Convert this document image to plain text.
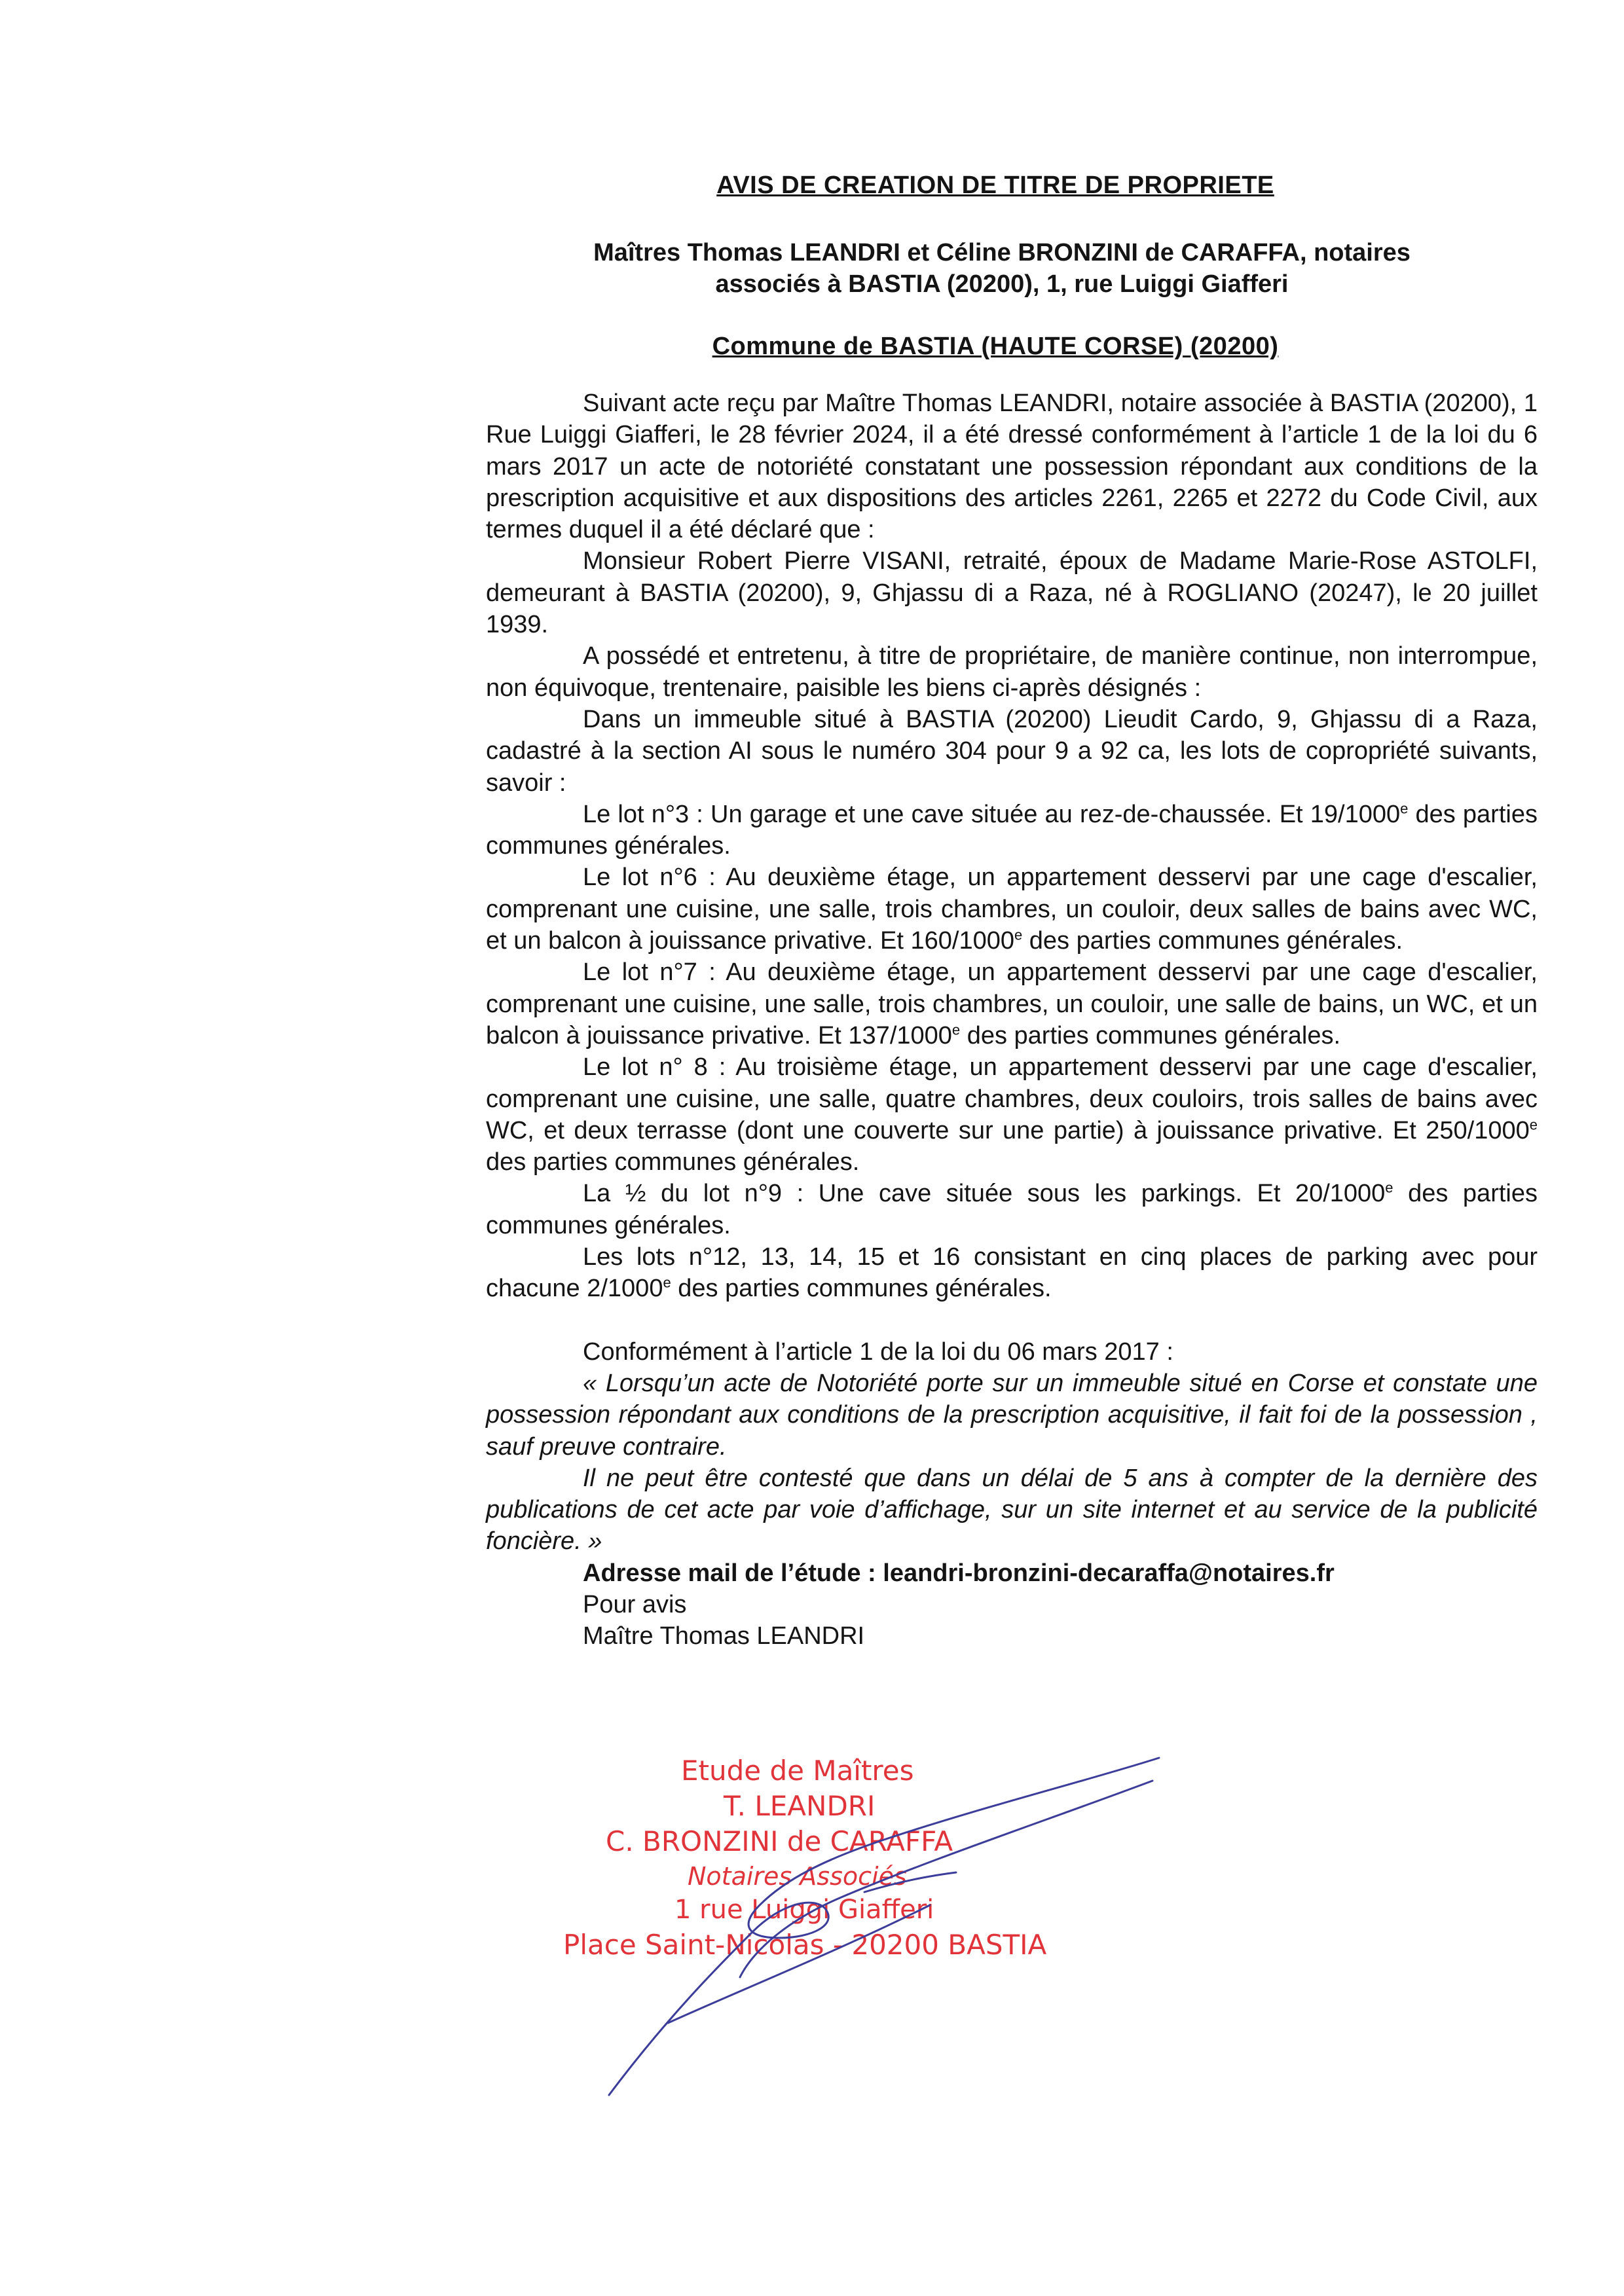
AVIS DE CREATION DE TITRE DE PROPRIETE
Maîtres Thomas LEANDRI et Céline BRONZINI de CARAFFA, notaires
associés à BASTIA (20200), 1, rue Luiggi Giafferi
Commune de BASTIA (HAUTE CORSE) (20200)

Suivant acte reçu par Maître Thomas LEANDRI, notaire associée à BASTIA (20200), 1 Rue Luiggi Giafferi, le 28 février 2024, il a été dressé conformément à l’article 1 de la loi du 6 mars 2017 un acte de notoriété constatant une possession répondant aux conditions de la prescription acquisitive et aux dispositions des articles 2261, 2265 et 2272 du Code Civil, aux termes duquel il a été déclaré que :

Monsieur Robert Pierre VISANI, retraité, époux de Madame Marie-Rose ASTOLFI, demeurant à BASTIA (20200), 9, Ghjassu di a Raza, né à ROGLIANO (20247), le 20 juillet 1939.

A possédé et entretenu, à titre de propriétaire, de manière continue, non interrompue, non équivoque, trentenaire, paisible les biens ci-après désignés :

Dans un immeuble situé à BASTIA (20200) Lieudit Cardo, 9, Ghjassu di a Raza, cadastré à la section AI sous le numéro 304 pour 9 a 92 ca, les lots de copropriété suivants, savoir :

Le lot n°3 : Un garage et une cave située au rez-de-chaussée. Et 19/1000e des parties communes générales.

Le lot n°6 : Au deuxième étage, un appartement desservi par une cage d'escalier, comprenant une cuisine, une salle, trois chambres, un couloir, deux salles de bains avec WC, et un balcon à jouissance privative. Et 160/1000e des parties communes générales.

Le lot n°7 : Au deuxième étage, un appartement desservi par une cage d'escalier, comprenant une cuisine, une salle, trois chambres, un couloir, une salle de bains, un WC, et un balcon à jouissance privative. Et 137/1000e des parties communes générales.

Le lot n° 8 : Au troisième étage, un appartement desservi par une cage d'escalier, comprenant une cuisine, une salle, quatre chambres, deux couloirs, trois salles de bains avec WC, et deux terrasse (dont une couverte sur une partie) à jouissance privative. Et 250/1000e des parties communes générales.

La ½ du lot n°9 : Une cave située sous les parkings. Et 20/1000e des parties communes générales.

Les lots n°12, 13, 14, 15 et 16 consistant en cinq places de parking avec pour chacune 2/1000e des parties communes générales.

Conformément à l’article 1 de la loi du 06 mars 2017 :

« Lorsqu’un acte de Notoriété porte sur un immeuble situé en Corse et constate une possession répondant aux conditions de la prescription acquisitive, il fait foi de la possession , sauf preuve contraire.

Il ne peut être contesté que dans un délai de 5 ans à compter de la dernière des publications de cet acte par voie d’affichage, sur un site internet et au service de la publicité foncière. »

Adresse mail de l’étude : leandri-bronzini-decaraffa@notaires.fr

Pour avis

Maître Thomas LEANDRI

Etude de Maîtres
T. LEANDRI
C. BRONZINI de CARAFFA
Notaires Associés
1 rue Luiggi Giafferi
Place Saint-Nicolas - 20200 BASTIA
